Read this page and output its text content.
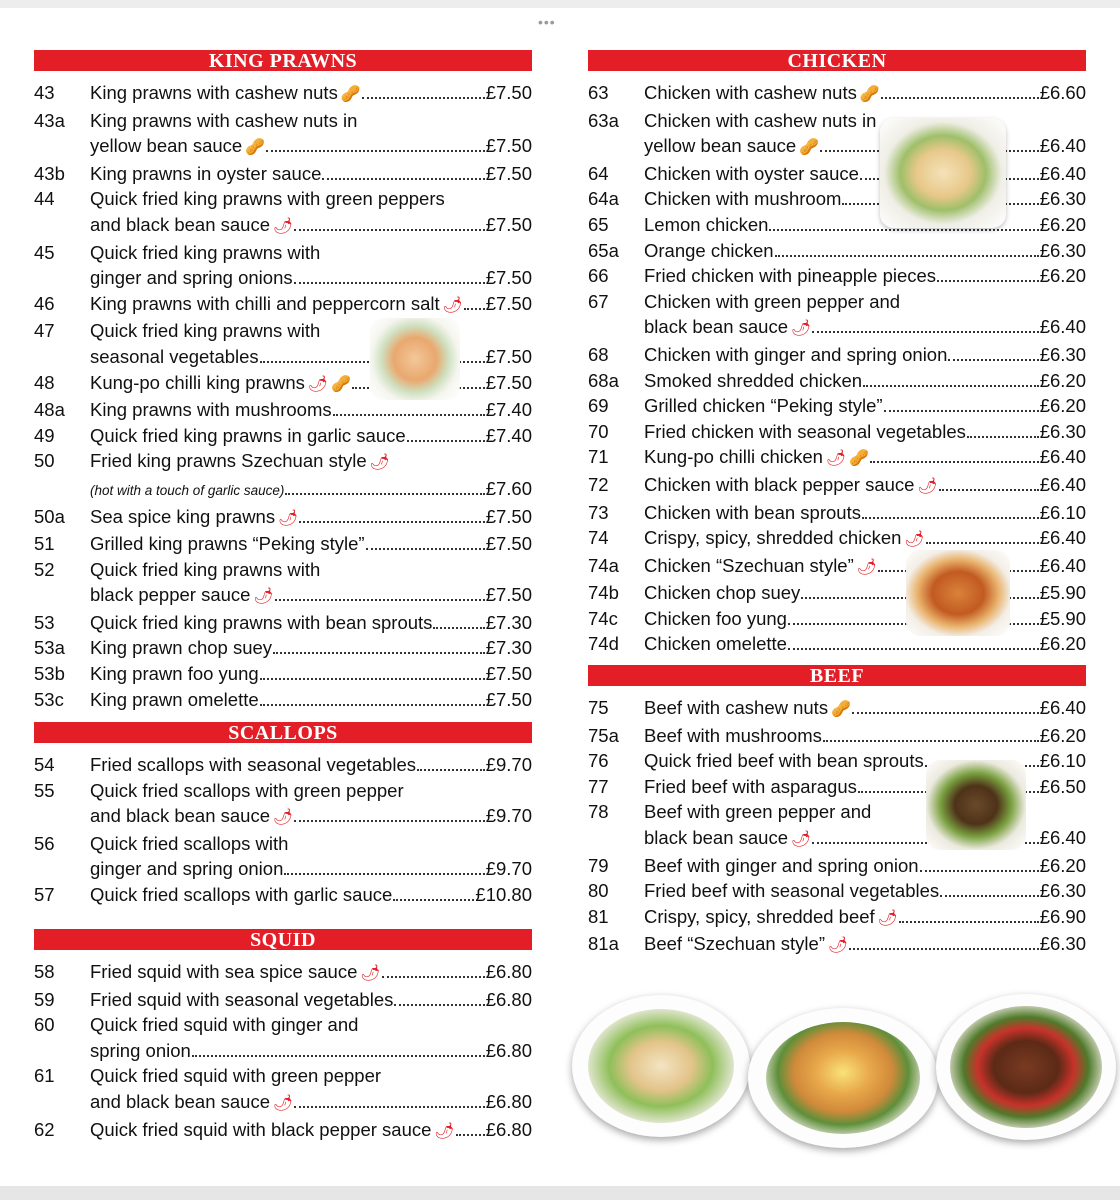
•••
KING PRAWNS
43	King prawns with cashew nuts 🥜	£7.50
43a	King prawns with cashew nuts in
yellow bean sauce 🥜	£7.50
43b	King prawns in oyster sauce	£7.50
44	Quick fried king prawns with green peppers
and black bean sauce 🌶	£7.50
45	Quick fried king prawns with
ginger and spring onions	£7.50
46	King prawns with chilli and peppercorn salt 🌶 £7.50
47	Quick fried king prawns with
seasonal vegetables	£7.50
48	Kung-po chilli king prawns 🌶 🥜	£7.50
48a	King prawns with mushrooms	£7.40
49	Quick fried king prawns in garlic sauce	£7.40
50	Fried king prawns Szechuan style 🌶
(hot with a touch of garlic sauce)	£7.60
50a	Sea spice king prawns 🌶	£7.50
51	Grilled king prawns “Peking style”	£7.50
52	Quick fried king prawns with
black pepper sauce 🌶	£7.50
53	Quick fried king prawns with bean sprouts	£7.30
53a	King prawn chop suey	£7.30
53b	King prawn foo yung	£7.50
53c	King prawn omelette	£7.50
SCALLOPS
54	Fried scallops with seasonal vegetables	£9.70
55	Quick fried scallops with green pepper
and black bean sauce 🌶	£9.70
56	Quick fried scallops with
ginger and spring onion	£9.70
57	Quick fried scallops with garlic sauce	£10.80
SQUID
58	Fried squid with sea spice sauce 🌶	£6.80
59	Fried squid with seasonal vegetables	£6.80
60	Quick fried squid with ginger and
spring onion	£6.80
61	Quick fried squid with green pepper
and black bean sauce 🌶	£6.80
62	Quick fried squid with black pepper sauce 🌶 £6.80
CHICKEN
63	Chicken with cashew nuts 🥜	£6.60
63a	Chicken with cashew nuts in
yellow bean sauce 🥜	£6.40
64	Chicken with oyster sauce	£6.40
64a	Chicken with mushroom	£6.30
65	Lemon chicken	£6.20
65a	Orange chicken	£6.30
66	Fried chicken with pineapple pieces	£6.20
67	Chicken with green pepper and
black bean sauce 🌶	£6.40
68	Chicken with ginger and spring onion	£6.30
68a	Smoked shredded chicken	£6.20
69	Grilled chicken “Peking style”	£6.20
70	Fried chicken with seasonal vegetables	£6.30
71	Kung-po chilli chicken 🌶 🥜	£6.40
72	Chicken with black pepper sauce 🌶	£6.40
73	Chicken with bean sprouts	£6.10
74	Crispy, spicy, shredded chicken 🌶	£6.40
74a	Chicken “Szechuan style” 🌶	£6.40
74b	Chicken chop suey	£5.90
74c	Chicken foo yung	£5.90
74d	Chicken omelette	£6.20
BEEF
75	Beef with cashew nuts 🥜	£6.40
75a	Beef with mushrooms	£6.20
76	Quick fried beef with bean sprouts	£6.10
77	Fried beef with asparagus	£6.50
78	Beef with green pepper and
black bean sauce 🌶	£6.40
79	Beef with ginger and spring onion	£6.20
80	Fried beef with seasonal vegetables	£6.30
81	Crispy, spicy, shredded beef 🌶	£6.90
81a	Beef “Szechuan style” 🌶	£6.30
